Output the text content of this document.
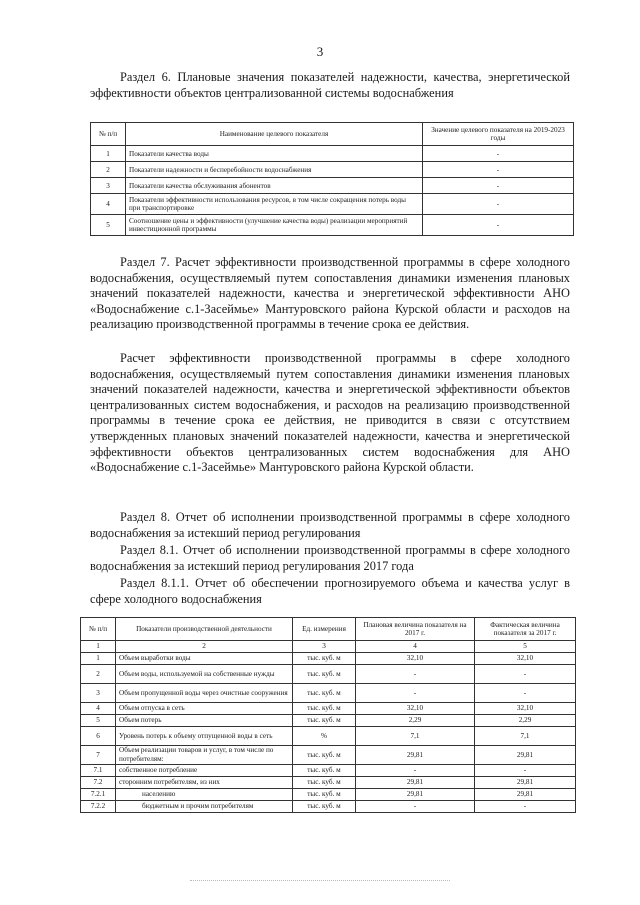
3
Раздел 6. Плановые значения показателей надежности, качества, энергетической эффективности объектов централизованной системы водоснабжения
№ п/п	Наименование целевого показателя	Значение целевого показателя на 2019-2023 годы
1	Показатели качества воды	-
2	Показатели надежности и бесперебойности водоснабжения	-
3	Показатели качества обслуживания абонентов	-
4	Показатели эффективности использования ресурсов, в том числе сокращения потерь воды при транспортировке	-
5	Соотношение цены и эффективности (улучшение качества воды) реализации мероприятий инвестиционной программы	-
Раздел 7. Расчет эффективности производственной программы в сфере холодного водоснабжения, осуществляемый путем сопоставления динамики изменения плановых значений показателей надежности, качества и энергетической эффективности АНО «Водоснабжение с.1-Засеймье» Мантуровского района Курской области и расходов на реализацию производственной программы в течение срока ее действия.
Расчет эффективности производственной программы в сфере холодного водоснабжения, осуществляемый путем сопоставления динамики изменения плановых значений показателей надежности, качества и энергетической эффективности объектов централизованных систем водоснабжения, и расходов на реализацию производственной программы в течение срока ее действия, не приводится в связи с отсутствием утвержденных плановых значений показателей надежности, качества и энергетической эффективности объектов централизованных систем водоснабжения для АНО «Водоснабжение с.1-Засеймье» Мантуровского района Курской области.
Раздел 8. Отчет об исполнении производственной программы в сфере холодного водоснабжения за истекший период регулирования
Раздел 8.1. Отчет об исполнении производственной программы в сфере холодного водоснабжения за истекший период регулирования 2017 года
Раздел 8.1.1. Отчет об обеспечении прогнозируемого объема и качества услуг в сфере холодного водоснабжения
№ п/п	Показатели производственной деятельности	Ед. измерения	Плановая величина показателя на 2017 г.	Фактическая величина показателя за 2017 г.
1	2	3	4	5
1	Объем выработки воды	тыс. куб. м	32,10	32,10
2	Объем воды, используемой на собственные нужды	тыс. куб. м	-	-
3	Объем пропущенной воды через очистные сооружения	тыс. куб. м	-	-
4	Объем отпуска в сеть	тыс. куб. м	32,10	32,10
5	Объем потерь	тыс. куб. м	2,29	2,29
6	Уровень потерь к объему отпущенной воды в сеть	%	7,1	7,1
7	Объем реализации товаров и услуг, в том числе по потребителям:	тыс. куб. м	29,81	29,81
7.1	собственное потребление	тыс. куб. м	-	-
7.2	сторонним потребителям, из них	тыс. куб. м	29,81	29,81
7.2.1	населению	тыс. куб. м	29,81	29,81
7.2.2	бюджетным и прочим потребителям	тыс. куб. м	-	-
